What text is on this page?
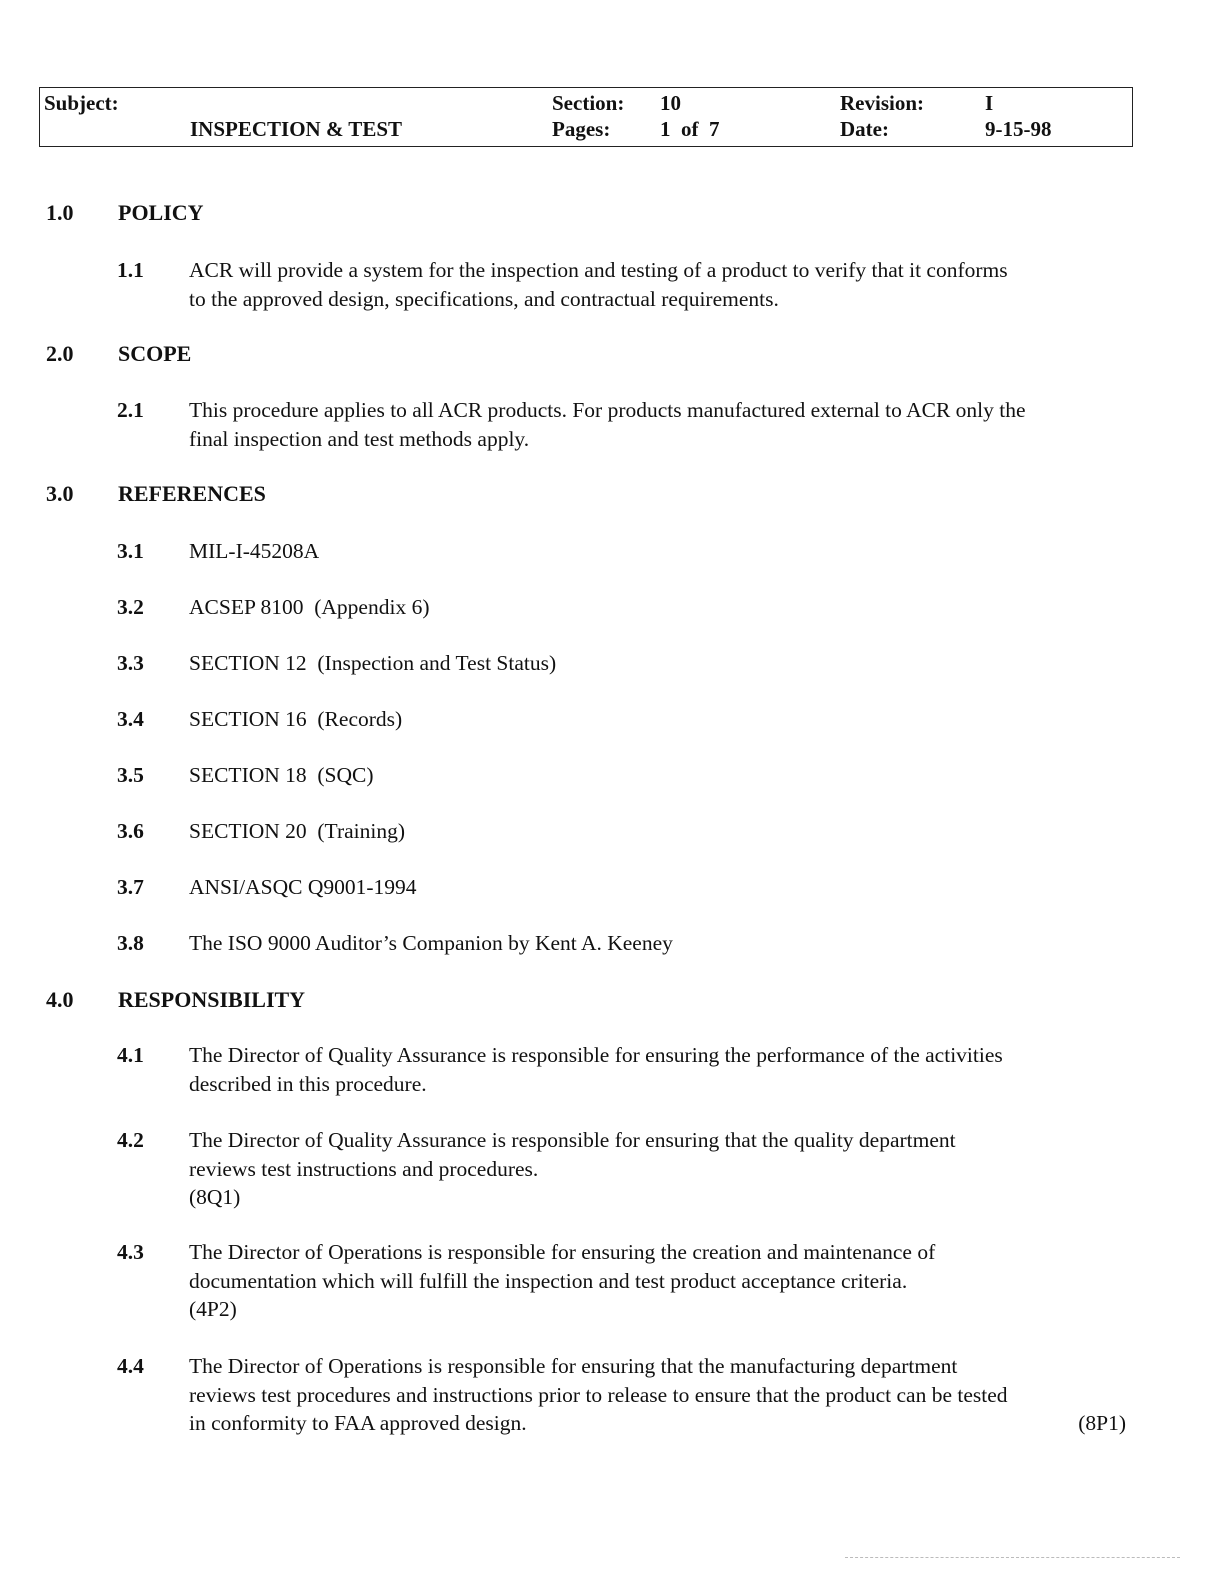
Subject:
INSPECTION & TEST
Section: 10
Pages: 1  of  7
Revision:	I
Date:	9-15-98
1.0 POLICY
1.1 ACR will provide a system for the inspection and testing of a product to verify that it conforms
to the approved design, specifications, and contractual requirements.
2.0 SCOPE
2.1 This procedure applies to all ACR products. For products manufactured external to ACR only the
final inspection and test methods apply.
3.0 REFERENCES
3.1 MIL-I-45208A
3.2 ACSEP 8100  (Appendix 6)
3.3 SECTION 12  (Inspection and Test Status)
3.4 SECTION 16  (Records)
3.5 SECTION 18  (SQC)
3.6 SECTION 20  (Training)
3.7 ANSI/ASQC Q9001-1994
3.8 The ISO 9000 Auditor’s Companion by Kent A. Keeney
4.0 RESPONSIBILITY
4.1 The Director of Quality Assurance is responsible for ensuring the performance of the activities
described in this procedure.
4.2 The Director of Quality Assurance is responsible for ensuring that the quality department
reviews test instructions and procedures.
(8Q1)
4.3 The Director of Operations is responsible for ensuring the creation and maintenance of
documentation which will fulfill the inspection and test product acceptance criteria.
(4P2)
4.4 The Director of Operations is responsible for ensuring that the manufacturing department
reviews test procedures and instructions prior to release to ensure that the product can be tested
in conformity to FAA approved design.	(8P1)
